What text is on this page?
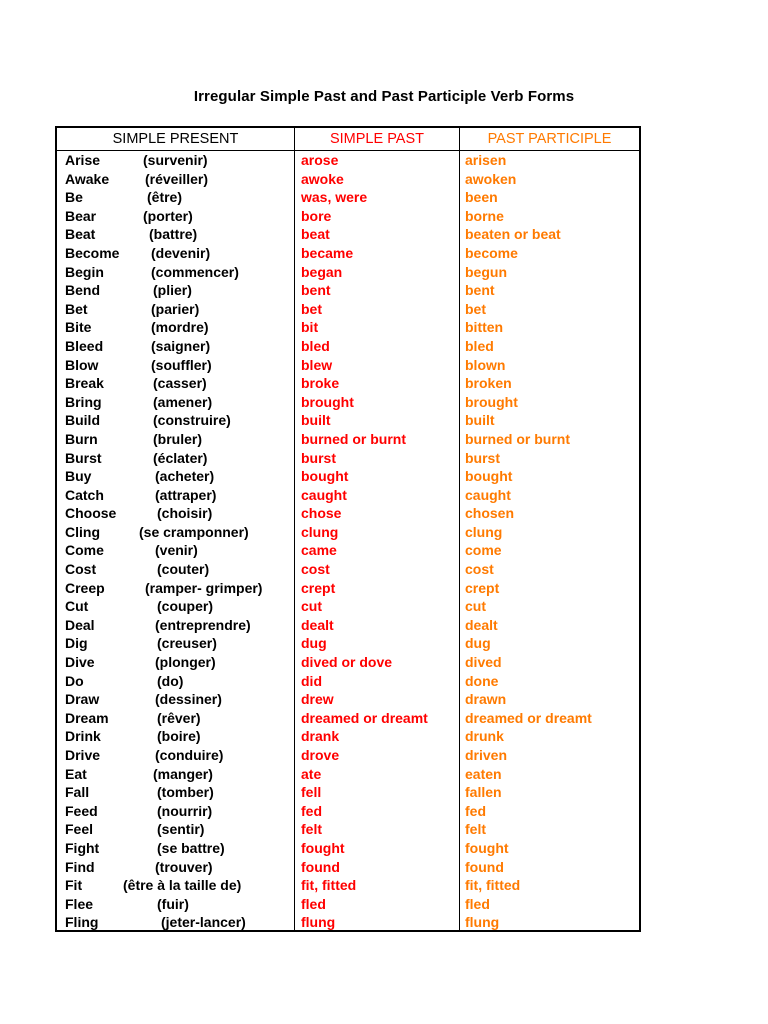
Irregular Simple Past and Past Participle Verb Forms
SIMPLE PRESENT	SIMPLE PAST	PAST PARTICIPLE
Arise	(survenir)	arose	arisen
Awake	(réveiller)	awoke	awoken
Be	(être)	was, were	been
Bear	(porter)	bore	borne
Beat	(battre)	beat	beaten or beat
Become (devenir)	became	become
Begin	(commencer)	began	begun
Bend	(plier)	bent	bent
Bet	(parier)	bet	bet
Bite	(mordre)	bit	bitten
Bleed	(saigner)	bled	bled
Blow	(souffler)	blew	blown
Break	(casser)	broke	broken
Bring	(amener)	brought	brought
Build	(construire)	built	built
Burn	(bruler)	burned or burnt	burned or burnt
Burst	(éclater)	burst	burst
Buy	(acheter)	bought	bought
Catch	(attraper)	caught	caught
Choose	(choisir)	chose	chosen
Cling	(se cramponner)	clung	clung
Come	(venir)	came	come
Cost	(couter)	cost	cost
Creep	(ramper- grimper)	crept	crept
Cut	(couper)	cut	cut
Deal	(entreprendre)	dealt	dealt
Dig	(creuser)	dug	dug
Dive	(plonger)	dived or dove	dived
Do	(do)	did	done
Draw	(dessiner)	drew	drawn
Dream	(rêver)	dreamed or dreamt	dreamed or dreamt
Drink	(boire)	drank	drunk
Drive	(conduire)	drove	driven
Eat	(manger)	ate	eaten
Fall	(tomber)	fell	fallen
Feed	(nourrir)	fed	fed
Feel	(sentir)	felt	felt
Fight	(se battre)	fought	fought
Find	(trouver)	found	found
Fit	(être à la taille de)	fit, fitted	fit, fitted
Flee	(fuir)	fled	fled
Fling	(jeter-lancer)	flung	flung
